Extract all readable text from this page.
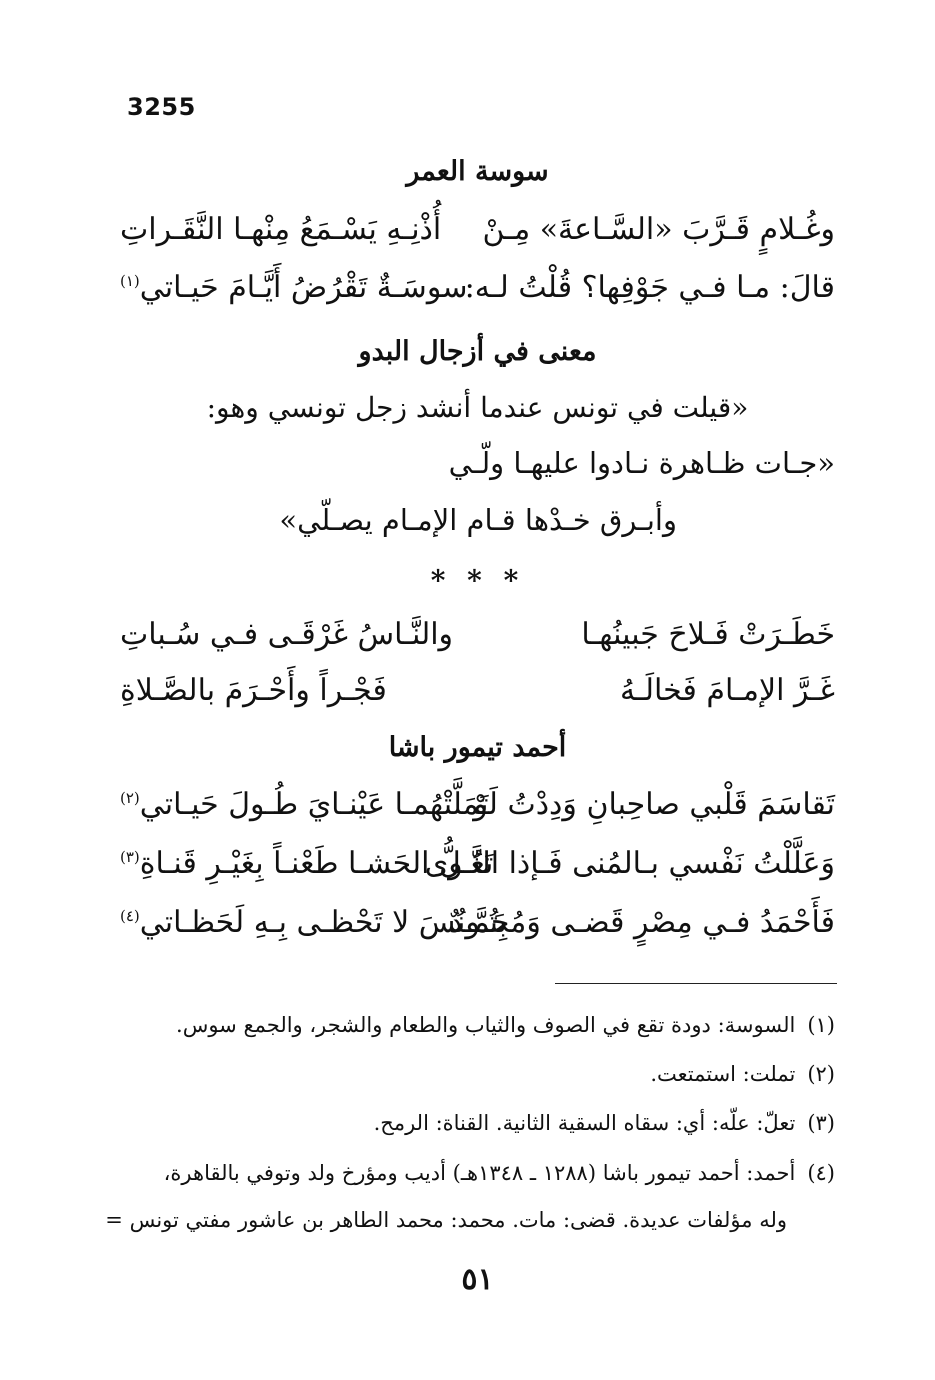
3255
سوسة العمر
وغُـلامٍ قَـرَّبَ «السَّـاعةَ» مِـنْ
أُذْنِـهِ يَسْـمَعُ مِنْهـا النَّقَـراتِ
قالَ: مـا فـي جَوْفِها؟ قُلْتُ لـه:
سوسَـةٌ تَقْرُضُ أَيَّـامَ حَيـاتي$^{(١)}$
معنى في أزجال البدو
«قيلت في تونس عندما أنشد زجل تونسي وهو:
«جـات ظـاهرة نـادوا عليهـا ولّـي
وأبـرق خـدْها قـام الإمـام يصـلّي»
* * *
خَطَـرَتْ فَـلاحَ جَبينُهـا
والنَّـاسُ غَرْقَـى فـي سُـباتِ
غَـرَّ الإمـامَ فَخالَـهُ
فَجْـراً وأَحْـرَمَ بالصَّـلاةِ
أحمد تيمور باشا
تَقاسَمَ قَلْبي صاحِبانِ وَدِدْتُ لَوْ
تَمَلَّتْهُمـا عَيْنـايَ طُـولَ حَيـاتي$^{(٢)}$
وَعَلَّلْتُ نَفْسي بـالمُنى فَـإذا النَّـوى
تَعُـلُّ الحَشـا طَعْنـاً بِغَيْـرِ قَنـاةِ$^{(٣)}$
فَأَحْمَدُ فـي مِصْرٍ قَضـى وَمُحَمَّـدٌ
بِتُـونُسَ لا تَحْظـى بِـهِ لَحَظـاتي$^{(٤)}$
(١)السوسة: دودة تقع في الصوف والثياب والطعام والشجر، والجمع سوس.
(٢)تملت: استمتعت.
(٣)تعلّ: علّه: أي: سقاه السقية الثانية. القناة: الرمح.
(٤)أحمد: أحمد تيمور باشا (١٢٨٨ ـ ١٣٤٨هـ) أديب ومؤرخ ولد وتوفي بالقاهرة،
وله مؤلفات عديدة. قضى: مات. محمد: محمد الطاهر بن عاشور مفتي تونس =
٥١
